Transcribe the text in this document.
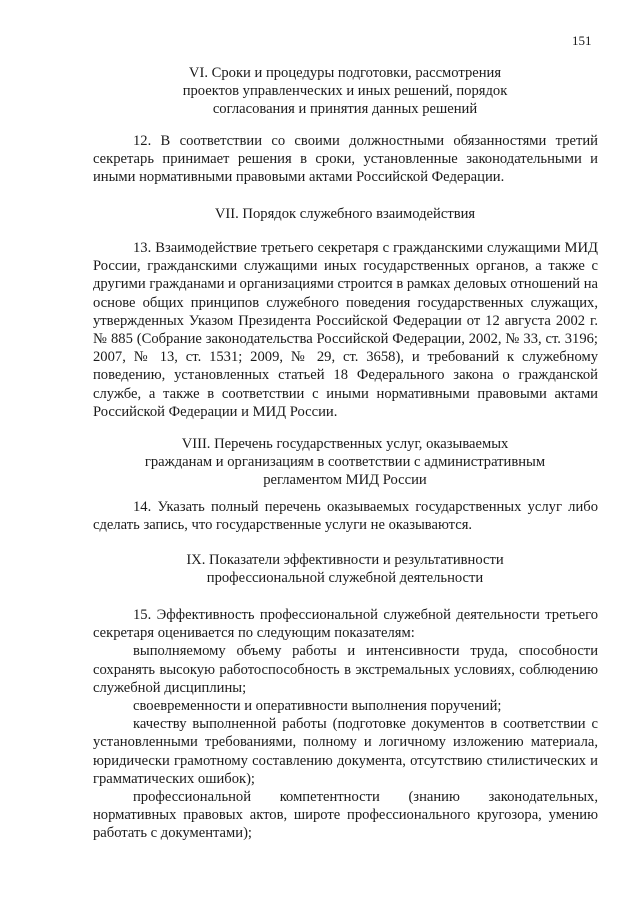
151
VI. Сроки и процедуры подготовки, рассмотрения
проектов управленческих и иных решений, порядок
согласования и принятия данных решений

12. В соответствии со своими должностными обязанностями третий секретарь принимает решения в сроки, установленные законодательными и иными нормативными правовыми актами Российской Федерации.

VII. Порядок служебного взаимодействия

13. Взаимодействие третьего секретаря с гражданскими служащими МИД России, гражданскими служащими иных государственных органов, а также с другими гражданами и организациями строится в рамках деловых отношений на основе общих принципов служебного поведения государственных служащих, утвержденных Указом Президента Российской Федерации от 12 августа 2002 г. № 885 (Собрание законодательства Российской Федерации, 2002, № 33, ст. 3196; 2007, № 13, ст. 1531; 2009, № 29, ст. 3658), и требований к служебному поведению, установленных статьей 18 Федерального закона о гражданской службе, а также в соответствии с иными нормативными правовыми актами Российской Федерации и МИД России.

VIII. Перечень государственных услуг, оказываемых
гражданам и организациям в соответствии с административным
регламентом МИД России

14. Указать полный перечень оказываемых государственных услуг либо сделать запись, что государственные услуги не оказываются.

IX. Показатели эффективности и результативности
профессиональной служебной деятельности

15. Эффективность профессиональной служебной деятельности третьего секретаря оценивается по следующим показателям:

выполняемому объему работы и интенсивности труда, способности сохранять высокую работоспособность в экстремальных условиях, соблюдению служебной дисциплины;

своевременности и оперативности выполнения поручений;

качеству выполненной работы (подготовке документов в соответствии с установленными требованиями, полному и логичному изложению материала, юридически грамотному составлению документа, отсутствию стилистических и грамматических ошибок);

профессиональной компетентности (знанию законодательных, нормативных правовых актов, широте профессионального кругозора, умению работать с документами);
